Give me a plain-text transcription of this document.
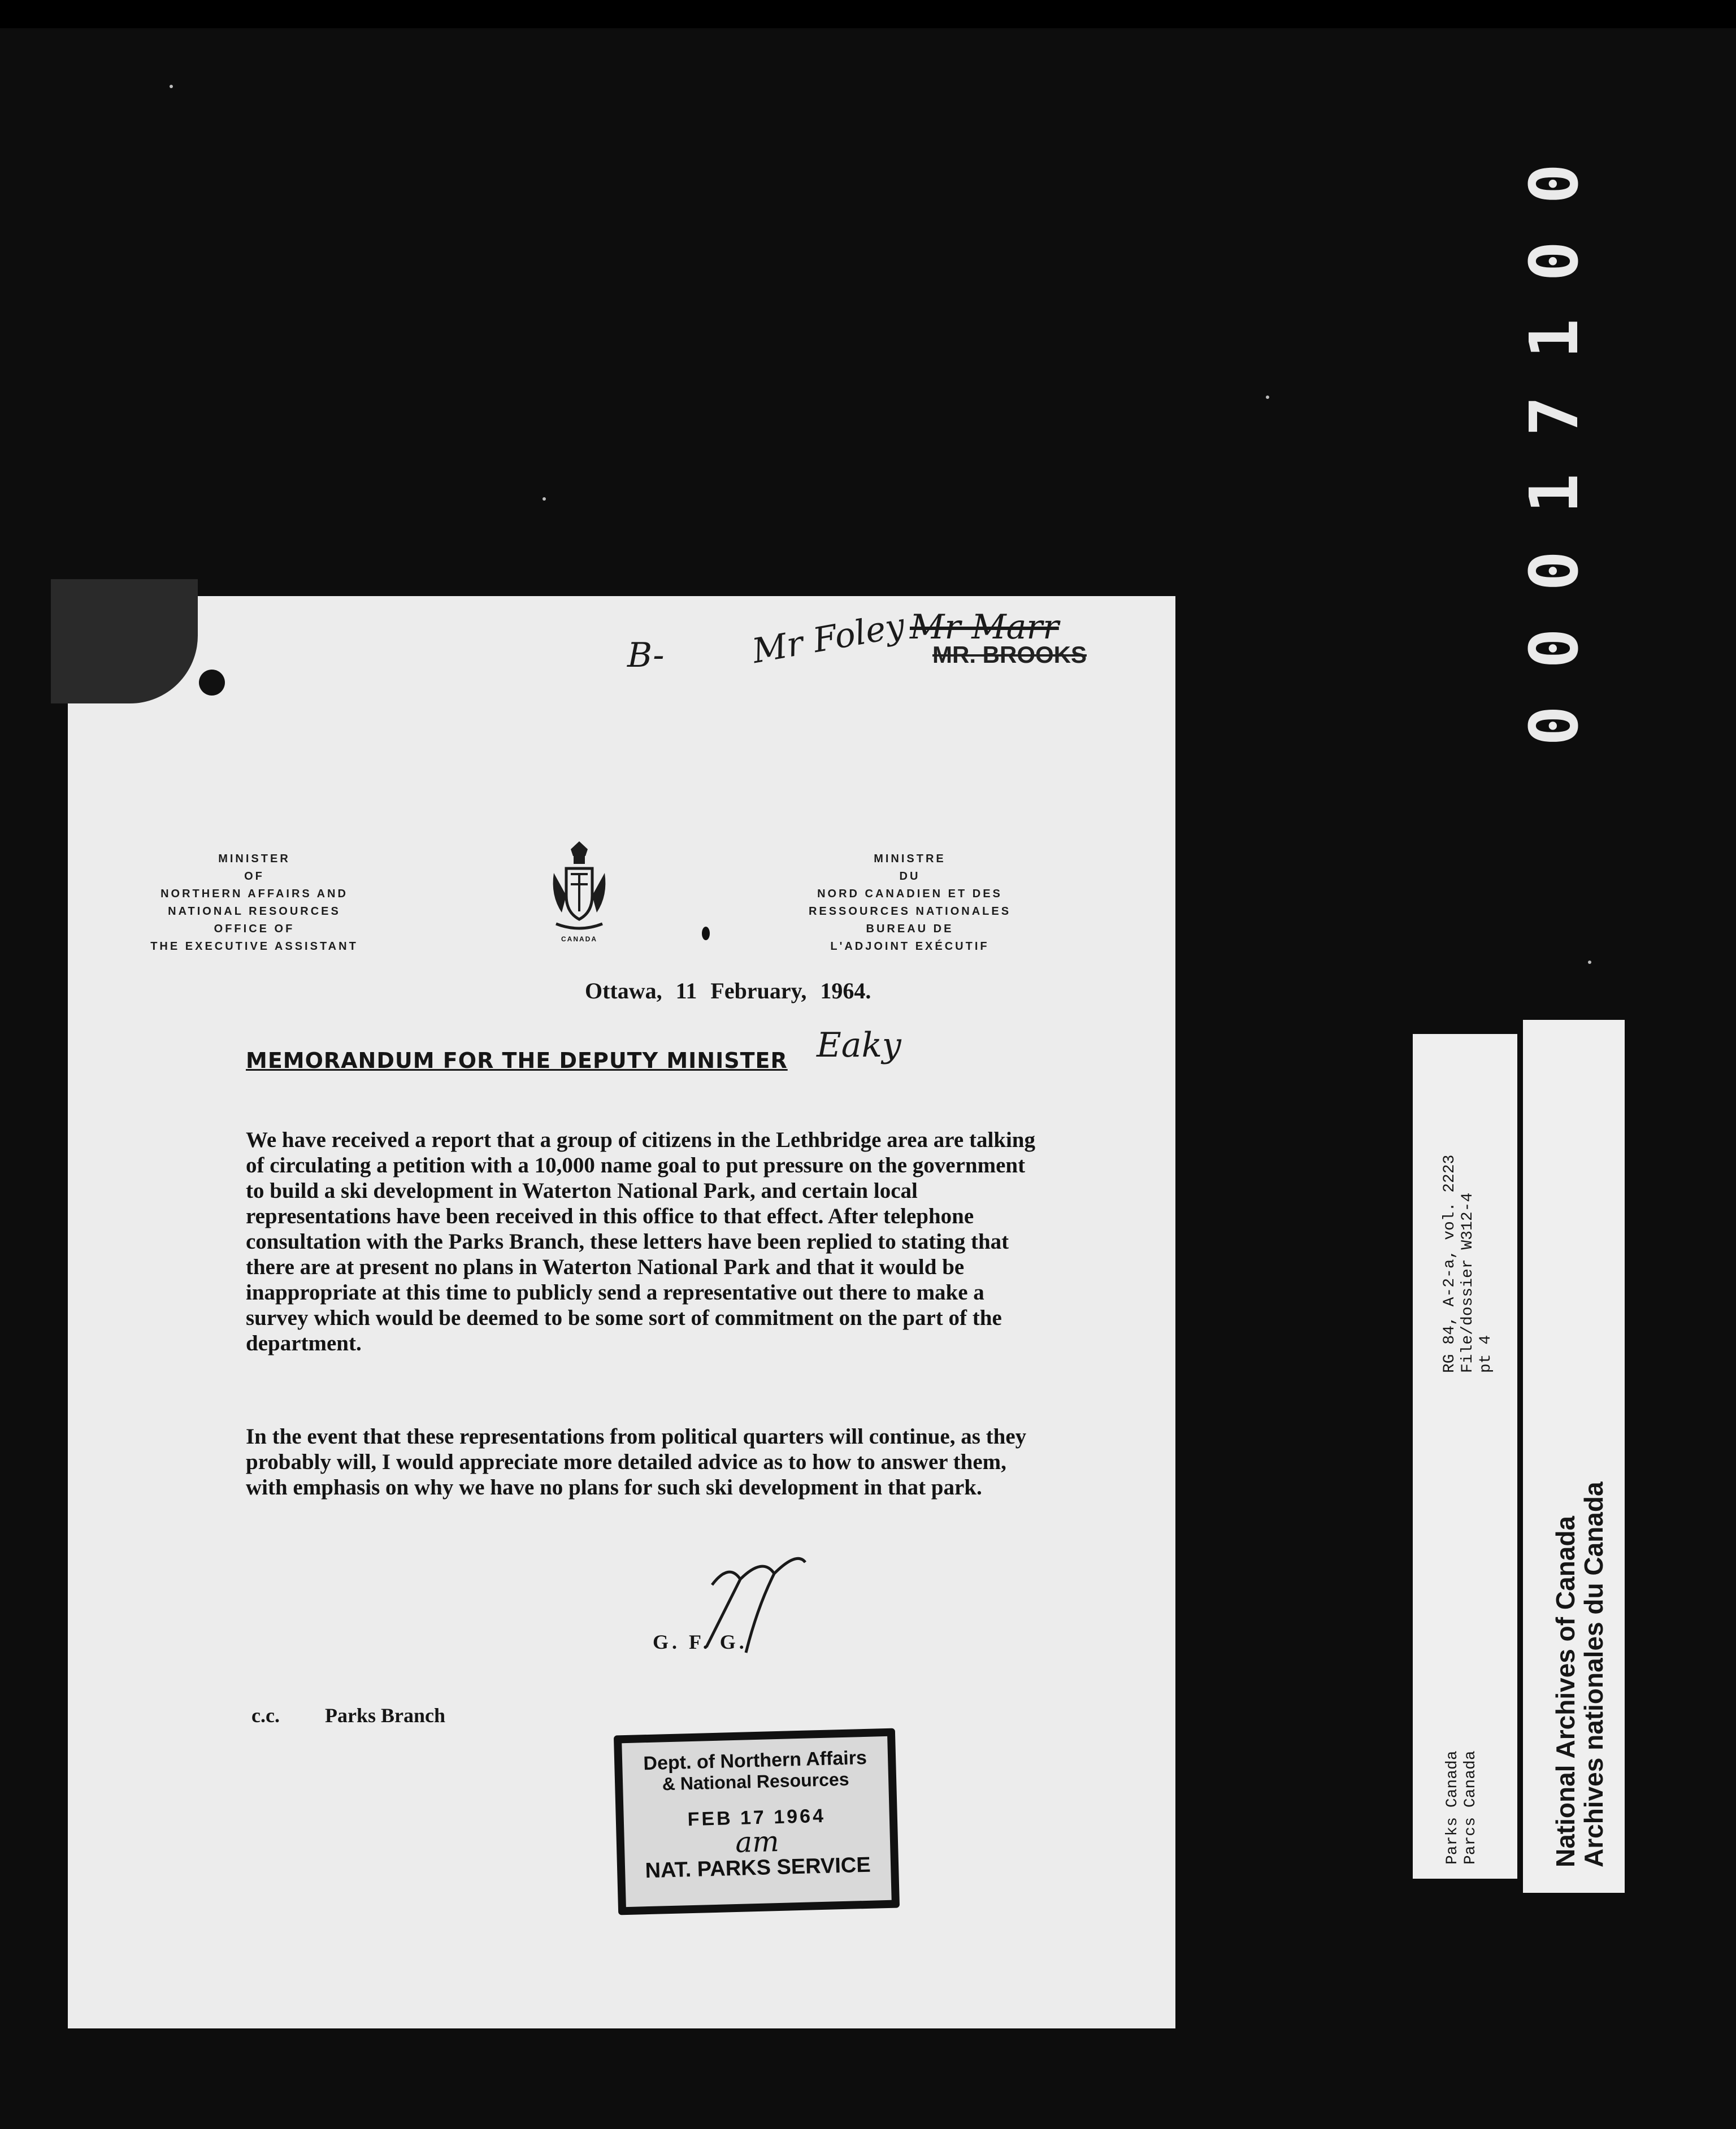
00017100
B-	Mr Foley Mr Marr
MR. BROOKS
MINISTER
OF
NORTHERN AFFAIRS AND
NATIONAL RESOURCES
OFFICE OF
THE EXECUTIVE ASSISTANT
CANADA
MINISTRE
DU
NORD CANADIEN ET DES
RESSOURCES NATIONALES
BUREAU DE
L'ADJOINT EXÉCUTIF
Ottawa, 11 February, 1964.
MEMORANDUM FOR THE DEPUTY MINISTER Eaky
We have received a report that a group of citizens in the Lethbridge area are talking of circulating a petition with a 10,000 name goal to put pressure on the government to build a ski development in Waterton National Park, and certain local representations have been received in this office to that effect. After telephone consultation with the Parks Branch, these letters have been replied to stating that there are at present no plans in Waterton National Park and that it would be inappropriate at this time to publicly send a representative out there to make a survey which would be deemed to be some sort of commitment on the part of the department.
In the event that these representations from political quarters will continue, as they probably will, I would appreciate more detailed advice as to how to answer them, with emphasis on why we have no plans for such ski development in that park.
G. F. G.
c.c. Parks Branch
Dept. of Northern Affairs
& National Resources
FEB 17 1964
am
NAT. PARKS SERVICE
RG 84, A-2-a, vol. 2223 File/dossier W312-4 pt 4
Parks Canada Parcs Canada	National Archives of Canada
Archives nationales du Canada
